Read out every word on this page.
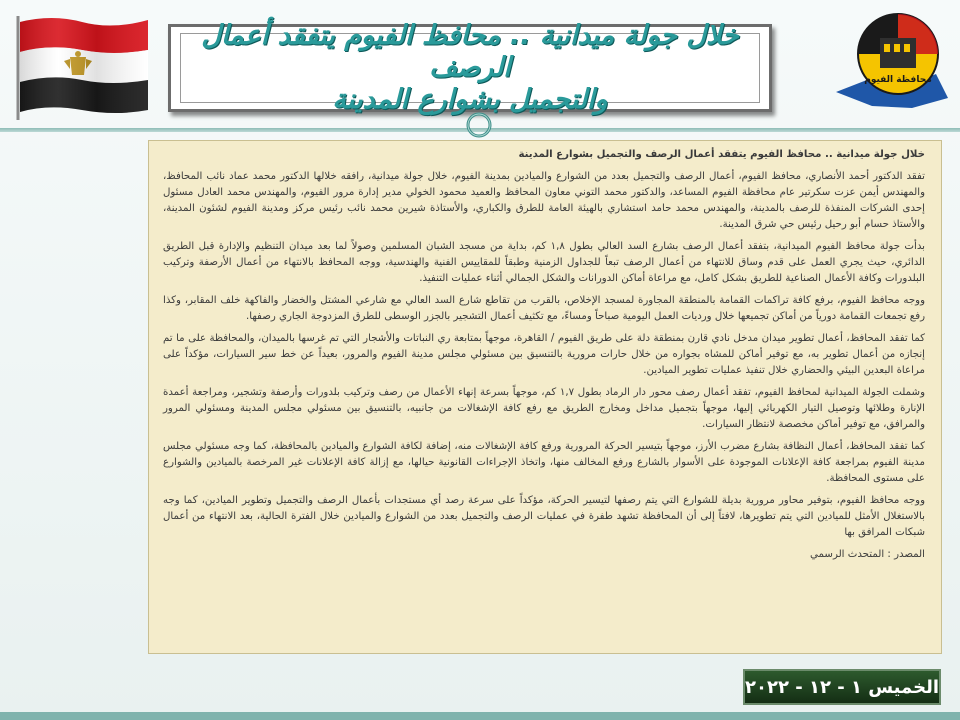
خلال جولة ميدانية .. محافظ الفيوم يتفقد أعمال الرصف
والتجميل بشوارع المدينة
محافظة الفيوم

خلال جولة ميدانية .. محافظ الفيوم يتفقد أعمال الرصف والتجميل بشوارع المدينة

تفقد الدكتور أحمد الأنصاري، محافظ الفيوم، أعمال الرصف والتجميل بعدد من الشوارع والميادين بمدينة الفيوم، خلال جولة ميدانية، رافقه خلالها الدكتور محمد عماد نائب المحافظ، والمهندس أيمن عزت سكرتير عام محافظة الفيوم المساعد، والدكتور محمد التوني معاون المحافظ والعميد محمود الخولي مدير إدارة مرور الفيوم، والمهندس محمد العادل مسئول إحدى الشركات المنفذة للرصف بالمدينة، والمهندس محمد حامد استشاري بالهيئة العامة للطرق والكباري، والأستاذة شيرين محمد نائب رئيس مركز ومدينة الفيوم لشئون المدينة، والأستاذ حسام أبو رحيل رئيس حي شرق المدينة.

بدأت جولة محافظ الفيوم الميدانية، بتفقد أعمال الرصف بشارع السد العالي بطول ١,٨ كم، بداية من مسجد الشبان المسلمين وصولاً لما بعد ميدان التنظيم والإدارة قبل الطريق الدائري، حيث يجري العمل على قدم وساق للانتهاء من أعمال الرصف تبعاً للجداول الزمنية وطبقاً للمقاييس الفنية والهندسية، ووجه المحافظ بالانتهاء من أعمال الأرصفة وتركيب البلدورات وكافة الأعمال الصناعية للطريق بشكل كامل، مع مراعاة أماكن الدورانات والشكل الجمالي أثناء عمليات التنفيذ.

ووجه محافظ الفيوم، برفع كافة تراكمات القمامة بالمنطقة المجاورة لمسجد الإخلاص، بالقرب من تقاطع شارع السد العالي مع شارعي المشتل والخضار والفاكهة خلف المقابر، وكذا رفع تجمعات القمامة دورياً من أماكن تجميعها خلال ورديات العمل اليومية صباحاً ومساءً، مع تكثيف أعمال التشجير بالجزر الوسطى للطرق المزدوجة الجاري رصفها.

كما تفقد المحافظ، أعمال تطوير ميدان مدخل نادي قارن بمنطقة دلة على طريق الفيوم / القاهرة، موجهاً بمتابعة ري النباتات والأشجار التي تم غرسها بالميدان، والمحافظة على ما تم إنجازه من أعمال تطوير به، مع توفير أماكن للمشاه بجواره من خلال حارات مرورية بالتنسيق بين مسئولي مجلس مدينة الفيوم والمرور، بعيداً عن خط سير السيارات، مؤكداً على مراعاة البعدين البيئي والحضاري خلال تنفيذ عمليات تطوير الميادين.

وشملت الجولة الميدانية لمحافظ الفيوم، تفقد أعمال رصف محور دار الرماد بطول ١,٧ كم، موجهاً بسرعة إنهاء الأعمال من رصف وتركيب بلدورات وأرصفة وتشجير، ومراجعة أعمدة الإنارة وطلائها وتوصيل التيار الكهربائي إليها، موجهاً بتجميل مداخل ومخارج الطريق مع رفع كافة الإشغالات من جانبيه، بالتنسيق بين مسئولي مجلس المدينة ومسئولي المرور والمرافق، مع توفير أماكن مخصصة لانتظار السيارات.

كما تفقد المحافظ، أعمال النظافة بشارع مضرب الأرز، موجهاً بتيسير الحركة المرورية ورفع كافة الإشغالات منه، إضافة لكافة الشوارع والميادين بالمحافظة، كما وجه مسئولي مجلس مدينة الفيوم بمراجعة كافة الإعلانات الموجودة على الأسوار بالشارع ورفع المخالف منها، واتخاذ الإجراءات القانونية حيالها، مع إزالة كافة الإعلانات غير المرخصة بالميادين والشوارع على مستوى المحافظة.

ووجه محافظ الفيوم، بتوفير محاور مرورية بديلة للشوارع التي يتم رصفها لتيسير الحركة، مؤكداً على سرعة رصد أي مستجدات بأعمال الرصف والتجميل وتطوير الميادين، كما وجه بالاستغلال الأمثل للميادين التي يتم تطويرها، لافتاً إلى أن المحافظة تشهد طفرة في عمليات الرصف والتجميل بعدد من الشوارع والميادين خلال الفترة الحالية، بعد الانتهاء من أعمال شبكات المرافق بها

المصدر : المتحدث الرسمي

الخميس ١ - ١٢ - ٢٠٢٢
